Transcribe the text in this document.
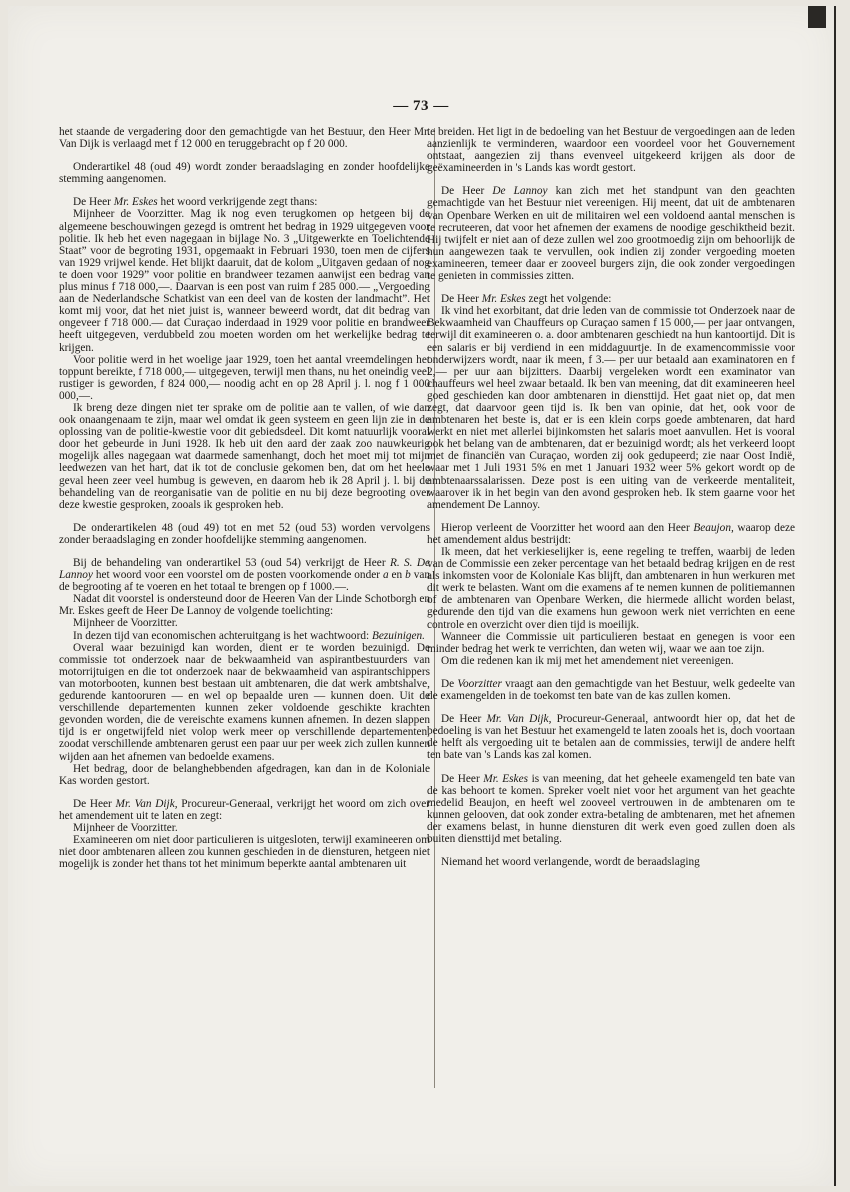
— 73 —

het staande de vergadering door den gemachtigde van het Bestuur, den Heer Mr. Van Dijk is verlaagd met f 12 000 en teruggebracht op f 20 000.

Onderartikel 48 (oud 49) wordt zonder beraadslaging en zonder hoofdelijke stemming aangenomen.

De Heer Mr. Eskes het woord verkrijgende zegt thans:

Mijnheer de Voorzitter. Mag ik nog even terugkomen op hetgeen bij de algemeene beschouwingen gezegd is omtrent het bedrag in 1929 uitgegeven voor politie. Ik heb het even nagegaan in bijlage No. 3 „Uitgewerkte en Toelichtende Staat” voor de begroting 1931, opgemaakt in Februari 1930, toen men de cijfers van 1929 vrijwel kende. Het blijkt daaruit, dat de kolom „Uitgaven gedaan of nog te doen voor 1929” voor politie en brandweer tezamen aanwijst een bedrag van plus minus f 718 000,—. Daarvan is een post van ruim f 285 000.— „Vergoeding aan de Nederlandsche Schatkist van een deel van de kosten der landmacht”. Het komt mij voor, dat het niet juist is, wanneer beweerd wordt, dat dit bedrag van ongeveer f 718 000.— dat Curaçao inderdaad in 1929 voor politie en brandweer heeft uitgegeven, verdubbeld zou moeten worden om het werkelijke bedrag te krijgen.

Voor politie werd in het woelige jaar 1929, toen het aantal vreemdelingen het toppunt bereikte, f 718 000,— uitgegeven, terwijl men thans, nu het oneindig veel rustiger is geworden, f 824 000,— noodig acht en op 28 April j. l. nog f 1 000 000,—.

Ik breng deze dingen niet ter sprake om de politie aan te vallen, of wie dan ook onaangenaam te zijn, maar wel omdat ik geen systeem en geen lijn zie in de oplossing van de politie-kwestie voor dit gebiedsdeel. Dit komt natuurlijk vooral door het gebeurde in Juni 1928. Ik heb uit den aard der zaak zoo nauwkeurig mogelijk alles nagegaan wat daarmede samenhangt, doch het moet mij tot mijn leedwezen van het hart, dat ik tot de conclusie gekomen ben, dat om het heele geval heen zeer veel humbug is geweven, en daarom heb ik 28 April j. l. bij de behandeling van de reorganisatie van de politie en nu bij deze begrooting over deze kwestie gesproken, zooals ik gesproken heb.

De onderartikelen 48 (oud 49) tot en met 52 (oud 53) worden vervolgens zonder beraadslaging en zonder hoofdelijke stemming aangenomen.

Bij de behandeling van onderartikel 53 (oud 54) verkrijgt de Heer R. S. De Lannoy het woord voor een voorstel om de posten voorkomende onder a en b van de begrooting af te voeren en het totaal te brengen op f 1000.—.

Nadat dit voorstel is ondersteund door de Heeren Van der Linde Schotborgh en Mr. Eskes geeft de Heer De Lannoy de volgende toelichting:

Mijnheer de Voorzitter.

In dezen tijd van economischen achteruitgang is het wachtwoord: Bezuinigen.

Overal waar bezuinigd kan worden, dient er te worden bezuinigd. De commissie tot onderzoek naar de bekwaamheid van aspirantbestuurders van motorrijtuigen en die tot onderzoek naar de bekwaamheid van aspirantschippers van motorbooten, kunnen best bestaan uit ambtenaren, die dat werk ambtshalve, gedurende kantooruren — en wel op bepaalde uren — kunnen doen. Uit de verschillende departementen kunnen zeker voldoende geschikte krachten gevonden worden, die de vereischte examens kunnen afnemen. In dezen slappen tijd is er ongetwijfeld niet volop werk meer op verschillende departementen, zoodat verschillende ambtenaren gerust een paar uur per week zich zullen kunnen wijden aan het afnemen van bedoelde examens.

Het bedrag, door de belanghebbenden afgedragen, kan dan in de Koloniale Kas worden gestort.

De Heer Mr. Van Dijk, Procureur-Generaal, verkrijgt het woord om zich over het amendement uit te laten en zegt:

Mijnheer de Voorzitter.

Examineeren om niet door particulieren is uitgesloten, terwijl examineeren om niet door ambtenaren alleen zou kunnen geschieden in de diensturen, hetgeen niet mogelijk is zonder het thans tot het minimum beperkte aantal ambtenaren uit

te breiden. Het ligt in de bedoeling van het Bestuur de vergoedingen aan de leden aanzienlijk te verminderen, waardoor een voordeel voor het Gouvernement ontstaat, aangezien zij thans evenveel uitgekeerd krijgen als door de geëxamineerden in 's Lands kas wordt gestort.

De Heer De Lannoy kan zich met het standpunt van den geachten gemachtigde van het Bestuur niet vereenigen. Hij meent, dat uit de ambtenaren van Openbare Werken en uit de militairen wel een voldoend aantal menschen is te recruteeren, dat voor het afnemen der examens de noodige geschiktheid bezit. Hij twijfelt er niet aan of deze zullen wel zoo grootmoedig zijn om behoorlijk de hun aangewezen taak te vervullen, ook indien zij zonder vergoeding moeten examineeren, temeer daar er zooveel burgers zijn, die ook zonder vergoedingen te genieten in commissies zitten.

De Heer Mr. Eskes zegt het volgende:

Ik vind het exorbitant, dat drie leden van de commissie tot Onderzoek naar de Bekwaamheid van Chauffeurs op Curaçao samen f 15 000,— per jaar ontvangen, terwijl dit examineeren o. a. door ambtenaren geschiedt na hun kantoortijd. Dit is een salaris er bij verdiend in een middaguurtje. In de examencommissie voor onderwijzers wordt, naar ik meen, f 3.— per uur betaald aan examinatoren en f 2,— per uur aan bijzitters. Daarbij vergeleken wordt een examinator van chauffeurs wel heel zwaar betaald. Ik ben van meening, dat dit examineeren heel goed geschieden kan door ambtenaren in diensttijd. Het gaat niet op, dat men zegt, dat daarvoor geen tijd is. Ik ben van opinie, dat het, ook voor de ambtenaren het beste is, dat er is een klein corps goede ambtenaren, dat hard werkt en niet met allerlei bijinkomsten het salaris moet aanvullen. Het is vooral ook het belang van de ambtenaren, dat er bezuinigd wordt; als het verkeerd loopt met de financiën van Curaçao, worden zij ook gedupeerd; zie naar Oost Indië, waar met 1 Juli 1931 5% en met 1 Januari 1932 weer 5% gekort wordt op de ambtenaarssalarissen. Deze post is een uiting van de verkeerde mentaliteit, waarover ik in het begin van den avond gesproken heb. Ik stem gaarne voor het amendement De Lannoy.

Hierop verleent de Voorzitter het woord aan den Heer Beaujon, waarop deze het amendement aldus bestrijdt:

Ik meen, dat het verkieselijker is, eene regeling te treffen, waarbij de leden van de Commissie een zeker percentage van het betaald bedrag krijgen en de rest als inkomsten voor de Koloniale Kas blijft, dan ambtenaren in hun werkuren met dit werk te belasten. Want om die examens af te nemen kunnen de politiemannen of de ambtenaren van Openbare Werken, die hiermede allicht worden belast, gedurende den tijd van die examens hun gewoon werk niet verrichten en eene controle en overzicht over dien tijd is moeilijk.

Wanneer die Commissie uit particulieren bestaat en genegen is voor een minder bedrag het werk te verrichten, dan weten wij, waar we aan toe zijn.

Om die redenen kan ik mij met het amendement niet vereenigen.

De Voorzitter vraagt aan den gemachtigde van het Bestuur, welk gedeelte van de examengelden in de toekomst ten bate van de kas zullen komen.

De Heer Mr. Van Dijk, Procureur-Generaal, antwoordt hier op, dat het de bedoeling is van het Bestuur het examengeld te laten zooals het is, doch voortaan de helft als vergoeding uit te betalen aan de commissies, terwijl de andere helft ten bate van 's Lands kas zal komen.

De Heer Mr. Eskes is van meening, dat het geheele examengeld ten bate van de kas behoort te komen. Spreker voelt niet voor het argument van het geachte medelid Beaujon, en heeft wel zooveel vertrouwen in de ambtenaren om te kunnen gelooven, dat ook zonder extra-betaling de ambtenaren, met het afnemen der examens belast, in hunne diensturen dit werk even goed zullen doen als buiten diensttijd met betaling.

Niemand het woord verlangende, wordt de beraadslaging
